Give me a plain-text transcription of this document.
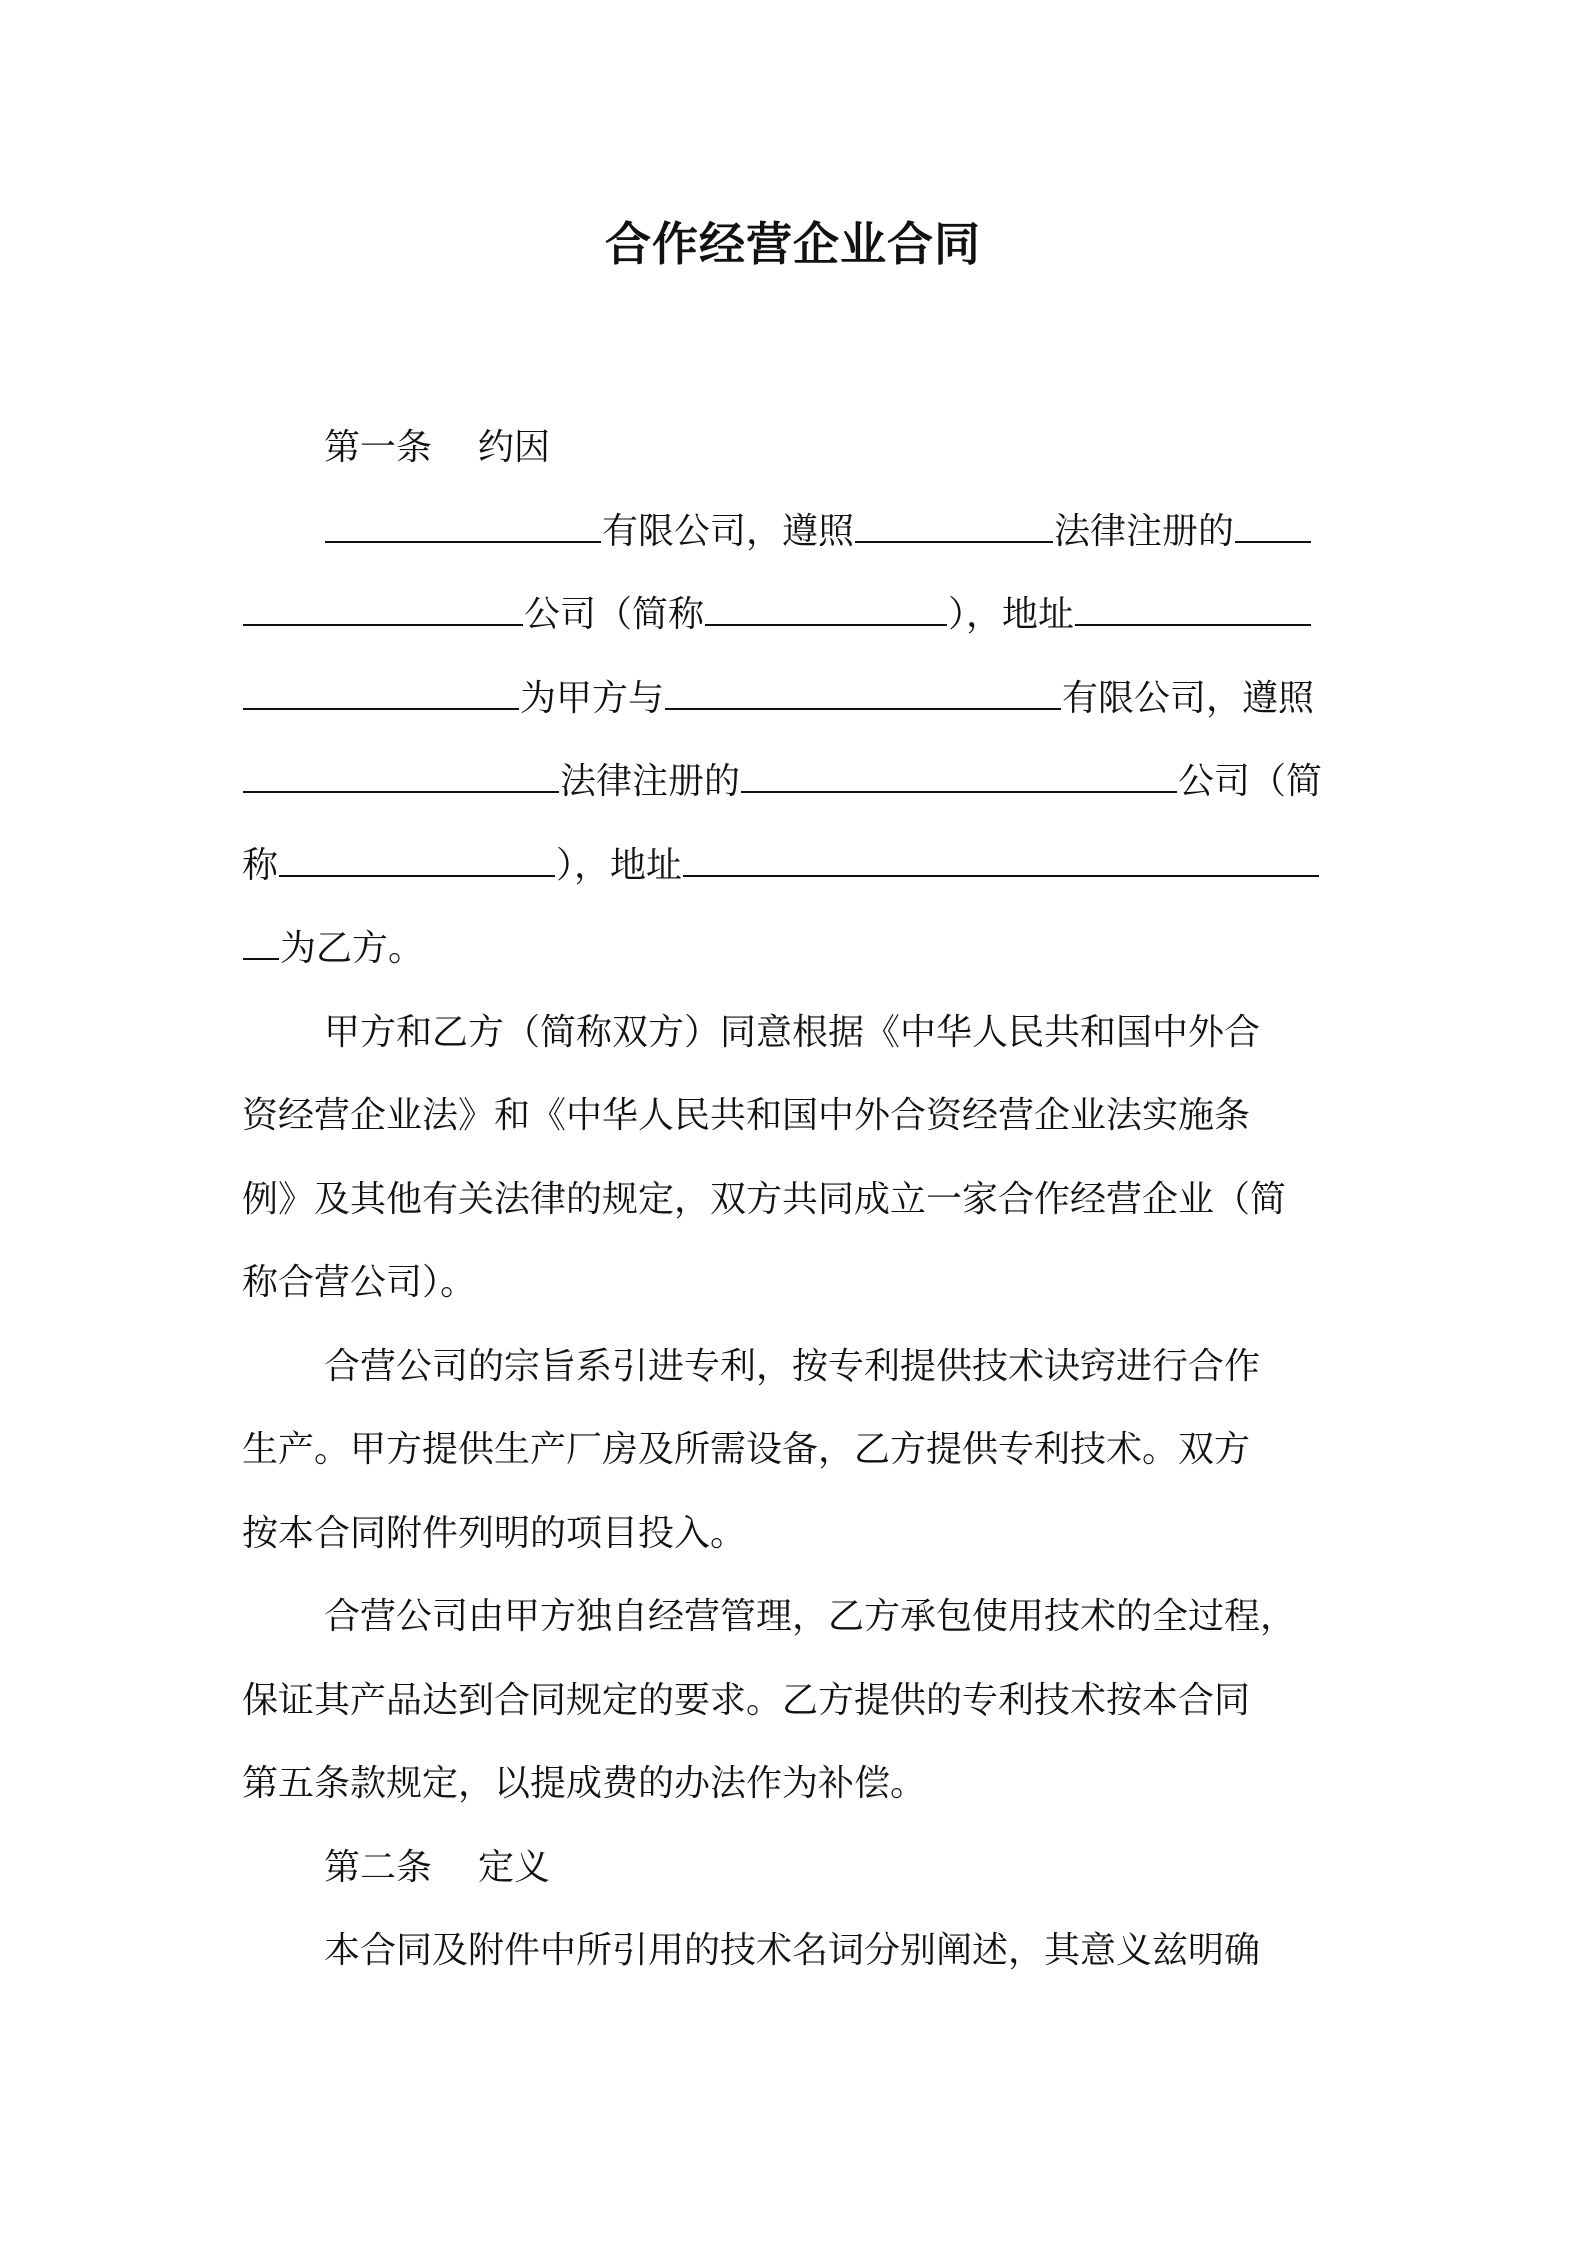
合作经营企业合同
第一条 约因
有限公司，遵照	法律注册的
公司（简称	），地址
为甲方与	有限公司，遵照
法律注册的	公司（简
称	），地址
为乙方。
甲方和乙方（简称双方）同意根据《中华人民共和国中外合
资经营企业法》和《中华人民共和国中外合资经营企业法实施条
例》及其他有关法律的规定，双方共同成立一家合作经营企业（简
称合营公司）。
合营公司的宗旨系引进专利，按专利提供技术诀窍进行合作
生产。甲方提供生产厂房及所需设备，乙方提供专利技术。双方
按本合同附件列明的项目投入。
合营公司由甲方独自经营管理，乙方承包使用技术的全过程，
保证其产品达到合同规定的要求。乙方提供的专利技术按本合同
第五条款规定，以提成费的办法作为补偿。
第二条 定义
本合同及附件中所引用的技术名词分别阐述，其意义兹明确
